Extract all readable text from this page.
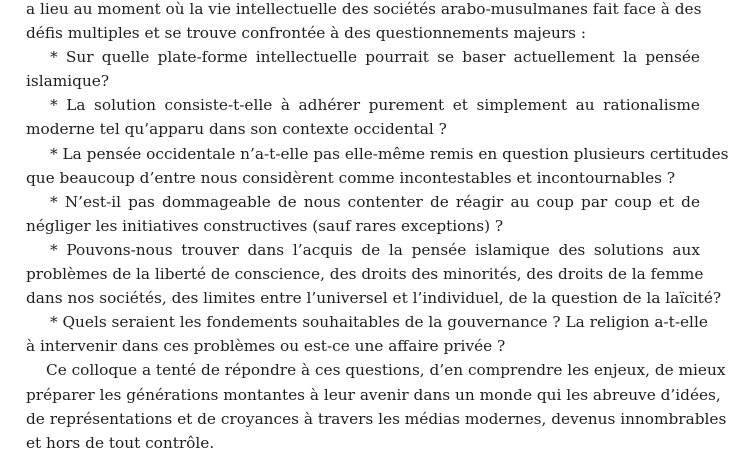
a lieu au moment où la vie intellectuelle des sociétés arabo-musulmanes fait face à des
défis multiples et se trouve confrontée à des questionnements majeurs :
* Sur quelle plate-forme intellectuelle pourrait se baser actuellement la pensée
islamique?
* La solution consiste-t-elle à adhérer purement et simplement au rationalisme
moderne tel qu’apparu dans son contexte occidental ?
* La pensée occidentale n’a-t-elle pas elle-même remis en question plusieurs certitudes
que beaucoup d’entre nous considèrent comme incontestables et incontournables ?
* N’est-il pas dommageable de nous contenter de réagir au coup par coup et de
négliger les initiatives constructives (sauf rares exceptions) ?
* Pouvons-nous trouver dans l’acquis de la pensée islamique des solutions aux
problèmes de la liberté de conscience, des droits des minorités, des droits de la femme
dans nos sociétés, des limites entre l’universel et l’individuel, de la question de la laïcité?
* Quels seraient les fondements souhaitables de la gouvernance ? La religion a-t-elle
à intervenir dans ces problèmes ou est-ce une affaire privée ?
Ce colloque a tenté de répondre à ces questions, d’en comprendre les enjeux, de mieux
préparer les générations montantes à leur avenir dans un monde qui les abreuve d’idées,
de représentations et de croyances à travers les médias modernes, devenus innombrables
et hors de tout contrôle.
